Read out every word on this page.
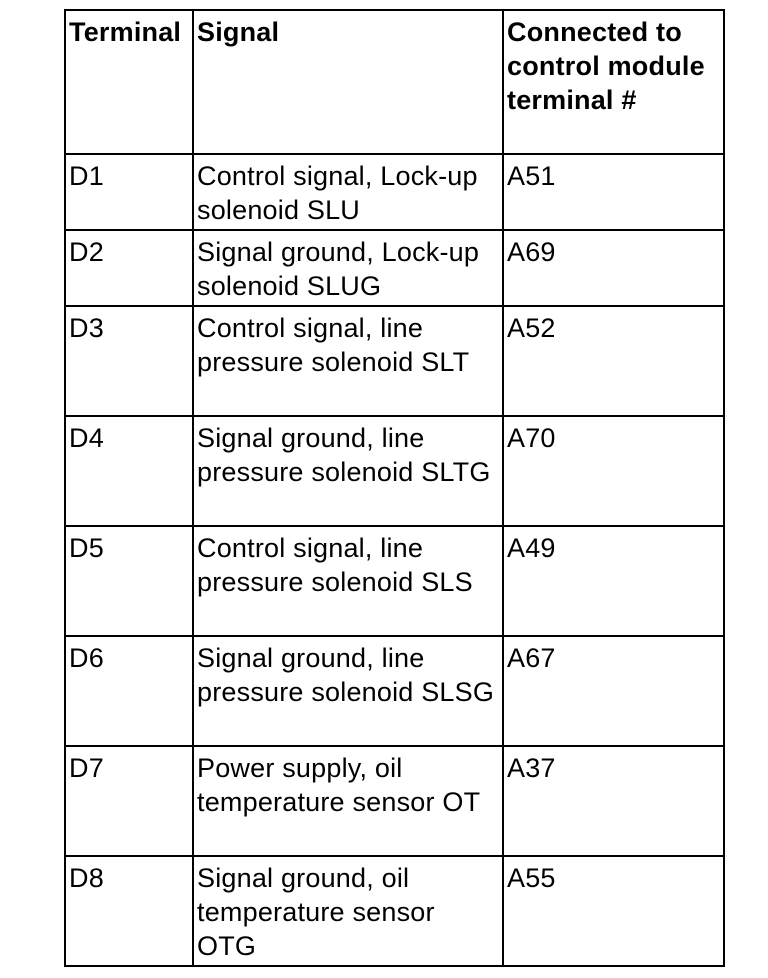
Terminal	Signal	Connected to control module terminal #
D1	Control signal, Lock-up solenoid SLU	A51
D2	Signal ground, Lock-up solenoid SLUG	A69
D3	Control signal, line pressure solenoid SLT	A52
D4	Signal ground, line pressure solenoid SLTG	A70
D5	Control signal, line pressure solenoid SLS	A49
D6	Signal ground, line pressure solenoid SLSG	A67
D7	Power supply, oil temperature sensor OT	A37
D8	Signal ground, oil temperature sensor OTG	A55
